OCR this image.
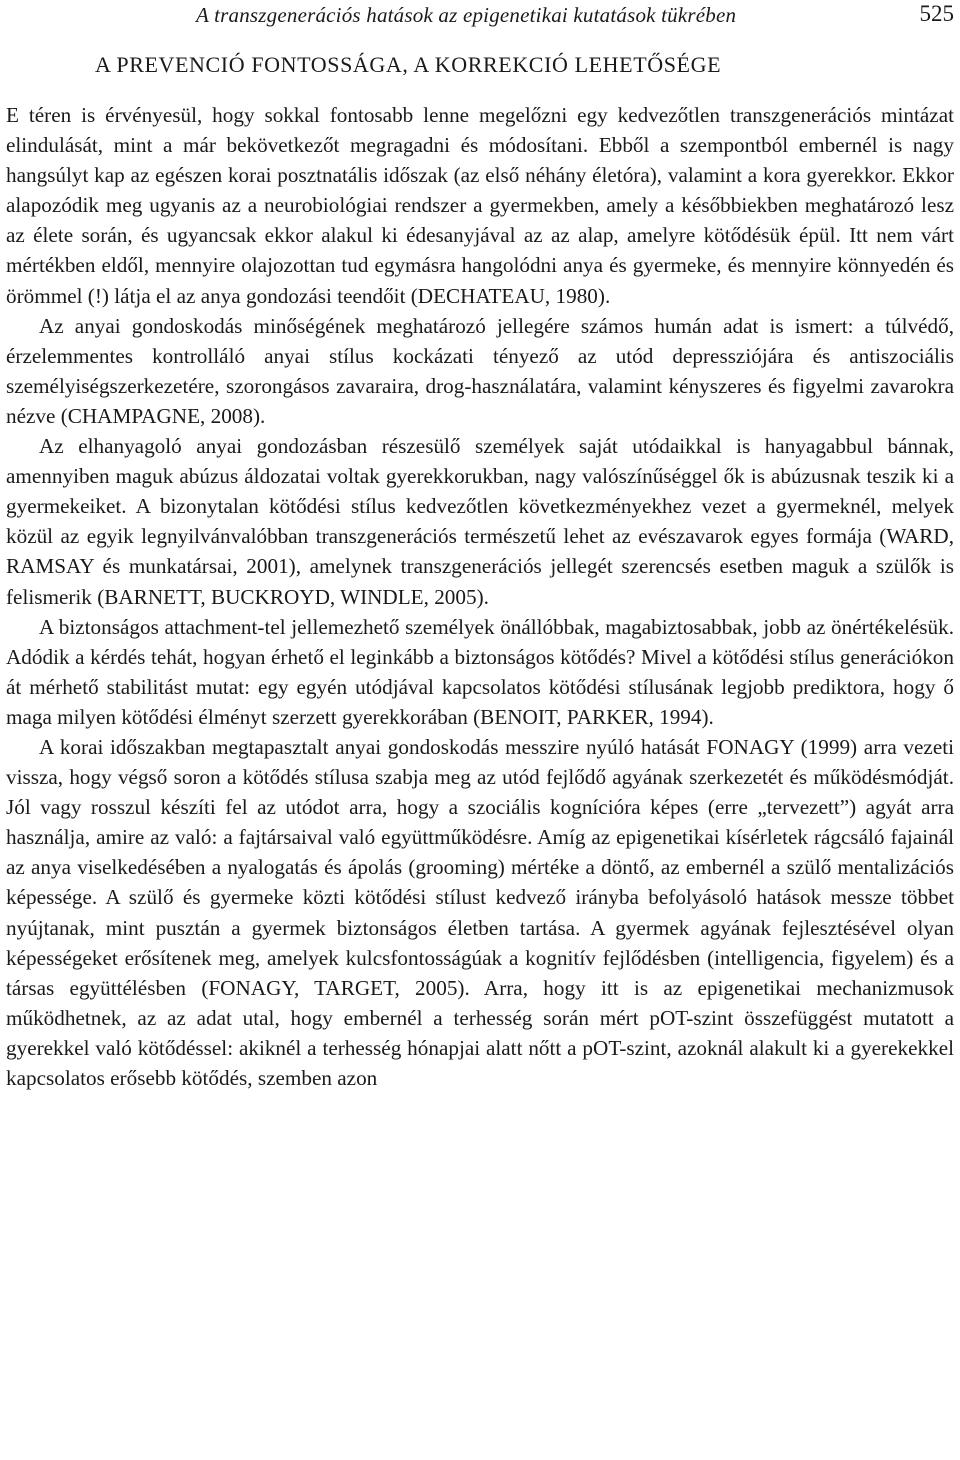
A transzgenerációs hatások az epigenetikai kutatások tükrében	525
A PREVENCIÓ FONTOSSÁGA, A KORREKCIÓ LEHETŐSÉGE

E téren is érvényesül, hogy sokkal fontosabb lenne megelőzni egy kedvezőtlen transzgenerációs mintázat elindulását, mint a már bekövetkezőt megragadni és módosítani. Ebből a szempontból embernél is nagy hangsúlyt kap az egészen korai posztnatális időszak (az első néhány életóra), valamint a kora gyerekkor. Ekkor alapozódik meg ugyanis az a neurobiológiai rendszer a gyermekben, amely a későbbiekben meghatározó lesz az élete során, és ugyancsak ekkor alakul ki édesanyjával az az alap, amelyre kötődésük épül. Itt nem várt mértékben eldől, mennyire olajozottan tud egymásra hangolódni anya és gyermeke, és mennyire könnyedén és örömmel (!) látja el az anya gondozási teendőit (DECHATEAU, 1980).

Az anyai gondoskodás minőségének meghatározó jellegére számos humán adat is ismert: a túlvédő, érzelemmentes kontrolláló anyai stílus kockázati tényező az utód depressziójára és antiszociális személyiségszerkezetére, szorongásos zavaraira, drog-használatára, valamint kényszeres és figyelmi zavarokra nézve (CHAMPAGNE, 2008).

Az elhanyagoló anyai gondozásban részesülő személyek saját utódaikkal is hanyagabbul bánnak, amennyiben maguk abúzus áldozatai voltak gyerekkorukban, nagy valószínűséggel ők is abúzusnak teszik ki a gyermekeiket. A bizonytalan kötődési stílus kedvezőtlen következményekhez vezet a gyermeknél, melyek közül az egyik legnyilvánvalóbban transzgenerációs természetű lehet az evészavarok egyes formája (WARD, RAMSAY és munkatársai, 2001), amelynek transzgenerációs jellegét szerencsés esetben maguk a szülők is felismerik (BARNETT, BUCKROYD, WINDLE, 2005).

A biztonságos attachment-tel jellemezhető személyek önállóbbak, magabiztosabbak, jobb az önértékelésük. Adódik a kérdés tehát, hogyan érhető el leginkább a biztonságos kötődés? Mivel a kötődési stílus generációkon át mérhető stabilitást mutat: egy egyén utódjával kapcsolatos kötődési stílusának legjobb prediktora, hogy ő maga milyen kötődési élményt szerzett gyerekkorában (BENOIT, PARKER, 1994).

A korai időszakban megtapasztalt anyai gondoskodás messzire nyúló hatását FONAGY (1999) arra vezeti vissza, hogy végső soron a kötődés stílusa szabja meg az utód fejlődő agyának szerkezetét és működésmódját. Jól vagy rosszul készíti fel az utódot arra, hogy a szociális kognícióra képes (erre „tervezett”) agyát arra használja, amire az való: a fajtársaival való együttműködésre. Amíg az epigenetikai kísérletek rágcsáló fajainál az anya viselkedésében a nyalogatás és ápolás (grooming) mértéke a döntő, az embernél a szülő mentalizációs képessége. A szülő és gyermeke közti kötődési stílust kedvező irányba befolyásoló hatások messze többet nyújtanak, mint pusztán a gyermek biztonságos életben tartása. A gyermek agyának fejlesztésével olyan képességeket erősítenek meg, amelyek kulcsfontosságúak a kognitív fejlődésben (intelligencia, figyelem) és a társas együttélésben (FONAGY, TARGET, 2005). Arra, hogy itt is az epigenetikai mechanizmusok működhetnek, az az adat utal, hogy embernél a terhesség során mért pOT-szint összefüggést mutatott a gyerekkel való kötődéssel: akiknél a terhesség hónapjai alatt nőtt a pOT-szint, azoknál alakult ki a gyerekekkel kapcsolatos erősebb kötődés, szemben azon
